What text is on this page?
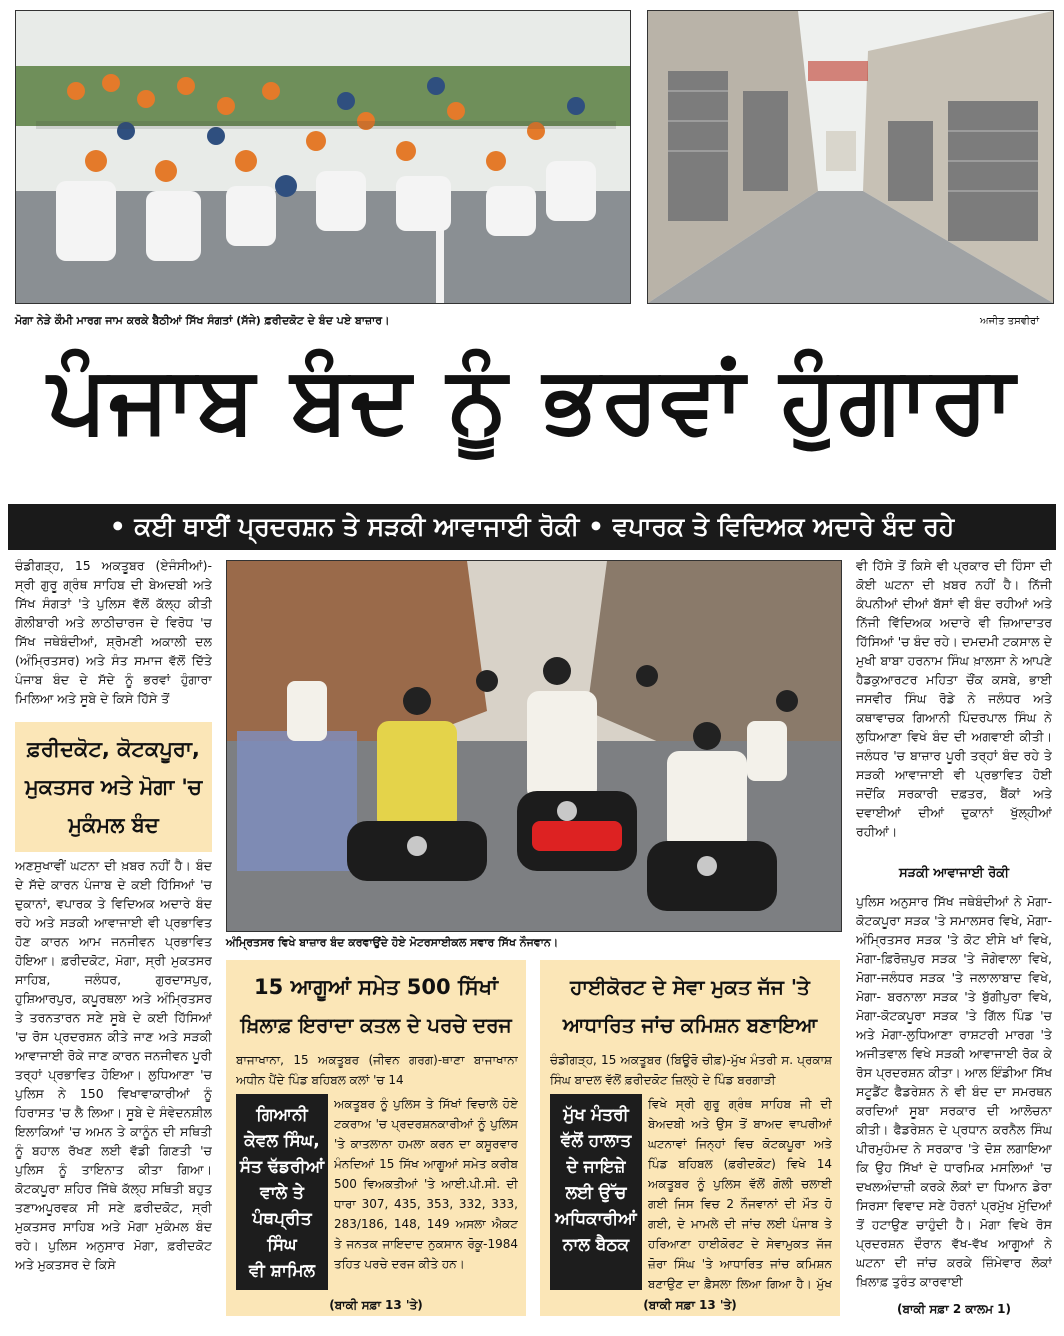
ਮੋਗਾ ਨੇੜੇ ਕੌਮੀ ਮਾਰਗ ਜਾਮ ਕਰਕੇ ਬੈਠੀਆਂ ਸਿੱਖ ਸੰਗਤਾਂ (ਸੱਜੇ) ਫ਼ਰੀਦਕੋਟ ਦੇ ਬੰਦ ਪਏ ਬਾਜ਼ਾਰ।	ਅਜੀਤ ਤਸਵੀਰਾਂ
ਪੰਜਾਬ ਬੰਦ ਨੂੰ ਭਰਵਾਂ ਹੁੰਗਾਰਾ
• ਕਈ ਥਾਈਂ ਪ੍ਰਦਰਸ਼ਨ ਤੇ ਸੜਕੀ ਆਵਾਜਾਈ ਰੋਕੀ • ਵਪਾਰਕ ਤੇ ਵਿਦਿਅਕ ਅਦਾਰੇ ਬੰਦ ਰਹੇ

ਚੰਡੀਗੜ੍ਹ, 15 ਅਕਤੂਬਰ (ਏਜੰਸੀਆਂ)- ਸ੍ਰੀ ਗੁਰੂ ਗ੍ਰੰਥ ਸਾਹਿਬ ਦੀ ਬੇਅਦਬੀ ਅਤੇ ਸਿੱਖ ਸੰਗਤਾਂ 'ਤੇ ਪੁਲਿਸ ਵੱਲੋਂ ਕੱਲ੍ਹ ਕੀਤੀ ਗੋਲੀਬਾਰੀ ਅਤੇ ਲਾਠੀਚਾਰਜ ਦੇ ਵਿਰੋਧ 'ਚ ਸਿੱਖ ਜਥੇਬੰਦੀਆਂ, ਸ਼੍ਰੋਮਣੀ ਅਕਾਲੀ ਦਲ (ਅੰਮ੍ਰਿਤਸਰ) ਅਤੇ ਸੰਤ ਸਮਾਜ ਵੱਲੋਂ ਦਿੱਤੇ ਪੰਜਾਬ ਬੰਦ ਦੇ ਸੱਦੇ ਨੂੰ ਭਰਵਾਂ ਹੁੰਗਾਰਾ ਮਿਲਿਆ ਅਤੇ ਸੂਬੇ ਦੇ ਕਿਸੇ ਹਿੱਸੇ ਤੋਂ

ਫ਼ਰੀਦਕੋਟ, ਕੋਟਕਪੂਰਾ, ਮੁਕਤਸਰ ਅਤੇ ਮੋਗਾ 'ਚ ਮੁਕੰਮਲ ਬੰਦ

ਅਣਸੁਖਾਵੀਂ ਘਟਨਾ ਦੀ ਖ਼ਬਰ ਨਹੀਂ ਹੈ। ਬੰਦ ਦੇ ਸੱਦੇ ਕਾਰਨ ਪੰਜਾਬ ਦੇ ਕਈ ਹਿੱਸਿਆਂ 'ਚ ਦੁਕਾਨਾਂ, ਵਪਾਰਕ ਤੇ ਵਿਦਿਅਕ ਅਦਾਰੇ ਬੰਦ ਰਹੇ ਅਤੇ ਸੜਕੀ ਆਵਾਜਾਈ ਵੀ ਪ੍ਰਭਾਵਿਤ ਹੋਣ ਕਾਰਨ ਆਮ ਜਨਜੀਵਨ ਪ੍ਰਭਾਵਿਤ ਹੋਇਆ। ਫ਼ਰੀਦਕੋਟ, ਮੋਗਾ, ਸ੍ਰੀ ਮੁਕਤਸਰ ਸਾਹਿਬ, ਜਲੰਧਰ, ਗੁਰਦਾਸਪੁਰ, ਹੁਸ਼ਿਆਰਪੁਰ, ਕਪੂਰਥਲਾ ਅਤੇ ਅੰਮ੍ਰਿਤਸਰ ਤੇ ਤਰਨਤਾਰਨ ਸਣੇ ਸੂਬੇ ਦੇ ਕਈ ਹਿੱਸਿਆਂ 'ਚ ਰੋਸ ਪ੍ਰਦਰਸ਼ਨ ਕੀਤੇ ਜਾਣ ਅਤੇ ਸੜਕੀ ਆਵਾਜਾਈ ਰੋਕੇ ਜਾਣ ਕਾਰਨ ਜਨਜੀਵਨ ਪੂਰੀ ਤਰ੍ਹਾਂ ਪ੍ਰਭਾਵਿਤ ਹੋਇਆ। ਲੁਧਿਆਣਾ 'ਚ ਪੁਲਿਸ ਨੇ 150 ਵਿਖਾਵਾਕਾਰੀਆਂ ਨੂੰ ਹਿਰਾਸਤ 'ਚ ਲੈ ਲਿਆ। ਸੂਬੇ ਦੇ ਸੰਵੇਦਨਸ਼ੀਲ ਇਲਾਕਿਆਂ 'ਚ ਅਮਨ ਤੇ ਕਾਨੂੰਨ ਦੀ ਸਥਿਤੀ ਨੂੰ ਬਹਾਲ ਰੱਖਣ ਲਈ ਵੱਡੀ ਗਿਣਤੀ 'ਚ ਪੁਲਿਸ ਨੂੰ ਤਾਇਨਾਤ ਕੀਤਾ ਗਿਆ। ਕੋਟਕਪੂਰਾ ਸ਼ਹਿਰ ਜਿੱਥੇ ਕੱਲ੍ਹ ਸਥਿਤੀ ਬਹੁਤ ਤਣਾਅਪੂਰਵਕ ਸੀ ਸਣੇ ਫ਼ਰੀਦਕੋਟ, ਸ੍ਰੀ ਮੁਕਤਸਰ ਸਾਹਿਬ ਅਤੇ ਮੋਗਾ ਮੁਕੰਮਲ ਬੰਦ ਰਹੇ। ਪੁਲਿਸ ਅਨੁਸਾਰ ਮੋਗਾ, ਫ਼ਰੀਦਕੋਟ ਅਤੇ ਮੁਕਤਸਰ ਦੇ ਕਿਸੇ

ਅੰਮ੍ਰਿਤਸਰ ਵਿਖੇ ਬਾਜ਼ਾਰ ਬੰਦ ਕਰਵਾਉਂਦੇ ਹੋਏ ਮੋਟਰਸਾਈਕਲ ਸਵਾਰ ਸਿੱਖ ਨੌਜਵਾਨ।
15 ਆਗੂਆਂ ਸਮੇਤ 500 ਸਿੱਖਾਂ
ਖ਼ਿਲਾਫ਼ ਇਰਾਦਾ ਕਤਲ ਦੇ ਪਰਚੇ ਦਰਜ

ਬਾਜਾਖਾਨਾ, 15 ਅਕਤੂਬਰ (ਜੀਵਨ ਗਰਗ)-ਥਾਣਾ ਬਾਜਾਖਾਨਾ ਅਧੀਨ ਪੈਂਦੇ ਪਿੰਡ ਬਹਿਬਲ ਕਲਾਂ 'ਚ 14

ਗਿਆਨੀ
ਕੇਵਲ ਸਿੰਘ,
ਸੰਤ ਢੱਡਰੀਆਂ
ਵਾਲੇ ਤੇ
ਪੰਥਪ੍ਰੀਤ ਸਿੰਘ
ਵੀ ਸ਼ਾਮਿਲ

ਅਕਤੂਬਰ ਨੂੰ ਪੁਲਿਸ ਤੇ ਸਿੱਖਾਂ ਵਿਚਾਲੇ ਹੋਏ ਟਕਰਾਅ 'ਚ ਪ੍ਰਦਰਸ਼ਨਕਾਰੀਆਂ ਨੂੰ ਪੁਲਿਸ 'ਤੇ ਕਾਤਲਾਨਾ ਹਮਲਾ ਕਰਨ ਦਾ ਕਸੂਰਵਾਰ ਮੰਨਦਿਆਂ 15 ਸਿੱਖ ਆਗੂਆਂ ਸਮੇਤ ਕਰੀਬ 500 ਵਿਅਕਤੀਆਂ 'ਤੇ ਆਈ.ਪੀ.ਸੀ. ਦੀ ਧਾਰਾ 307, 435, 353, 332, 333, 283/186, 148, 149 ਅਸਲਾ ਐਕਟ ਤੇ ਜਨਤਕ ਜਾਇਦਾਦ ਨੁਕਸਾਨ ਰੋਕੂ-1984 ਤਹਿਤ ਪਰਚੇ ਦਰਜ ਕੀਤੇ ਹਨ।

(ਬਾਕੀ ਸਫ਼ਾ 13 'ਤੇ)
ਹਾਈਕੋਰਟ ਦੇ ਸੇਵਾ ਮੁਕਤ ਜੱਜ 'ਤੇ
ਆਧਾਰਿਤ ਜਾਂਚ ਕਮਿਸ਼ਨ ਬਣਾਇਆ

ਚੰਡੀਗੜ੍ਹ, 15 ਅਕਤੂਬਰ (ਬਿਊਰੋ ਚੀਫ਼)-ਮੁੱਖ ਮੰਤਰੀ ਸ. ਪ੍ਰਕਾਸ਼ ਸਿੰਘ ਬਾਦਲ ਵੱਲੋਂ ਫ਼ਰੀਦਕੋਟ ਜ਼ਿਲ੍ਹੇ ਦੇ ਪਿੰਡ ਬਰਗਾੜੀ

ਮੁੱਖ ਮੰਤਰੀ
ਵੱਲੋਂ ਹਾਲਾਤ
ਦੇ ਜਾਇਜ਼ੇ
ਲਈ ਉੱਚ
ਅਧਿਕਾਰੀਆਂ
ਨਾਲ ਬੈਠਕ

ਵਿਖੇ ਸ੍ਰੀ ਗੁਰੂ ਗ੍ਰੰਥ ਸਾਹਿਬ ਜੀ ਦੀ ਬੇਅਦਬੀ ਅਤੇ ਉਸ ਤੋਂ ਬਾਅਦ ਵਾਪਰੀਆਂ ਘਟਨਾਵਾਂ ਜਿਨ੍ਹਾਂ ਵਿਚ ਕੋਟਕਪੂਰਾ ਅਤੇ ਪਿੰਡ ਬਹਿਬਲ (ਫ਼ਰੀਦਕੋਟ) ਵਿਖੇ 14 ਅਕਤੂਬਰ ਨੂੰ ਪੁਲਿਸ ਵੱਲੋਂ ਗੋਲੀ ਚਲਾਈ ਗਈ ਜਿਸ ਵਿਚ 2 ਨੌਜਵਾਨਾਂ ਦੀ ਮੌਤ ਹੋ ਗਈ, ਦੇ ਮਾਮਲੇ ਦੀ ਜਾਂਚ ਲਈ ਪੰਜਾਬ ਤੇ ਹਰਿਆਣਾ ਹਾਈਕੋਰਟ ਦੇ ਸੇਵਾਮੁਕਤ ਜੱਜ ਜ਼ੋਰਾ ਸਿੰਘ 'ਤੇ ਆਧਾਰਿਤ ਜਾਂਚ ਕਮਿਸ਼ਨ ਬਣਾਉਣ ਦਾ ਫ਼ੈਸਲਾ ਲਿਆ ਗਿਆ ਹੈ। ਮੁੱਖ

(ਬਾਕੀ ਸਫ਼ਾ 13 'ਤੇ)

ਵੀ ਹਿੱਸੇ ਤੋਂ ਕਿਸੇ ਵੀ ਪ੍ਰਕਾਰ ਦੀ ਹਿੰਸਾ ਦੀ ਕੋਈ ਘਟਨਾ ਦੀ ਖ਼ਬਰ ਨਹੀਂ ਹੈ। ਨਿੱਜੀ ਕੰਪਨੀਆਂ ਦੀਆਂ ਬੱਸਾਂ ਵੀ ਬੰਦ ਰਹੀਆਂ ਅਤੇ ਨਿੱਜੀ ਵਿੱਦਿਅਕ ਅਦਾਰੇ ਵੀ ਜ਼ਿਆਦਾਤਰ ਹਿੱਸਿਆਂ 'ਚ ਬੰਦ ਰਹੇ। ਦਮਦਮੀ ਟਕਸਾਲ ਦੇ ਮੁਖੀ ਬਾਬਾ ਹਰਨਾਮ ਸਿੰਘ ਖ਼ਾਲਸਾ ਨੇ ਆਪਣੇ ਹੈਡਕੁਆਰਟਰ ਮਹਿਤਾ ਚੌਂਕ ਕਸਬੇ, ਭਾਈ ਜਸਵੀਰ ਸਿੰਘ ਰੋਡੇ ਨੇ ਜਲੰਧਰ ਅਤੇ ਕਥਾਵਾਚਕ ਗਿਆਨੀ ਪਿੰਦਰਪਾਲ ਸਿੰਘ ਨੇ ਲੁਧਿਆਣਾ ਵਿਖੇ ਬੰਦ ਦੀ ਅਗਵਾਈ ਕੀਤੀ। ਜਲੰਧਰ 'ਚ ਬਾਜ਼ਾਰ ਪੂਰੀ ਤਰ੍ਹਾਂ ਬੰਦ ਰਹੇ ਤੇ ਸੜਕੀ ਆਵਾਜਾਈ ਵੀ ਪ੍ਰਭਾਵਿਤ ਹੋਈ ਜਦੋਂਕਿ ਸਰਕਾਰੀ ਦਫ਼ਤਰ, ਬੈਂਕਾਂ ਅਤੇ ਦਵਾਈਆਂ ਦੀਆਂ ਦੁਕਾਨਾਂ ਖੁੱਲ੍ਹੀਆਂ ਰਹੀਆਂ।

ਸੜਕੀ ਆਵਾਜਾਈ ਰੋਕੀ

ਪੁਲਿਸ ਅਨੁਸਾਰ ਸਿੱਖ ਜਥੇਬੰਦੀਆਂ ਨੇ ਮੋਗਾ-ਕੋਟਕਪੂਰਾ ਸੜਕ 'ਤੇ ਸਮਾਲਸਰ ਵਿਖੇ, ਮੋਗਾ-ਅੰਮ੍ਰਿਤਸਰ ਸੜਕ 'ਤੇ ਕੋਟ ਈਸੇ ਖਾਂ ਵਿਖੇ, ਮੋਗਾ-ਫ਼ਿਰੋਜ਼ਪੁਰ ਸੜਕ 'ਤੇ ਜੋਗੇਵਾਲਾ ਵਿਖੇ, ਮੋਗਾ-ਜਲੰਧਰ ਸੜਕ 'ਤੇ ਜਲਾਲਾਬਾਦ ਵਿਖੇ, ਮੋਗਾ- ਬਰਨਾਲਾ ਸੜਕ 'ਤੇ ਬੁੱਗੀਪੁਰਾ ਵਿਖੇ, ਮੋਗਾ-ਕੋਟਕਪੂਰਾ ਸੜਕ 'ਤੇ ਗਿੱਲ ਪਿੰਡ 'ਚ ਅਤੇ ਮੋਗਾ-ਲੁਧਿਆਣਾ ਰਾਸ਼ਟਰੀ ਮਾਰਗ 'ਤੇ ਅਜੀਤਵਾਲ ਵਿਖੇ ਸੜਕੀ ਆਵਾਜਾਈ ਰੋਕ ਕੇ ਰੋਸ ਪ੍ਰਦਰਸ਼ਨ ਕੀਤਾ। ਆਲ ਇੰਡੀਆ ਸਿੱਖ ਸਟੂਡੈਂਟ ਫੈਡਰੇਸ਼ਨ ਨੇ ਵੀ ਬੰਦ ਦਾ ਸਮਰਥਨ ਕਰਦਿਆਂ ਸੂਬਾ ਸਰਕਾਰ ਦੀ ਆਲੋਚਨਾ ਕੀਤੀ। ਫੈਡਰੇਸ਼ਨ ਦੇ ਪ੍ਰਧਾਨ ਕਰਨੈਲ ਸਿੰਘ ਪੀਰਮੁਹੰਮਦ ਨੇ ਸਰਕਾਰ 'ਤੇ ਦੋਸ਼ ਲਗਾਇਆ ਕਿ ਉਹ ਸਿੱਖਾਂ ਦੇ ਧਾਰਮਿਕ ਮਸਲਿਆਂ 'ਚ ਦਖਲਅੰਦਾਜ਼ੀ ਕਰਕੇ ਲੋਕਾਂ ਦਾ ਧਿਆਨ ਡੇਰਾ ਸਿਰਸਾ ਵਿਵਾਦ ਸਣੇ ਹੋਰਨਾਂ ਪ੍ਰਮੁੱਖ ਮੁੱਦਿਆਂ ਤੋਂ ਹਟਾਉਣ ਚਾਹੁੰਦੀ ਹੈ। ਮੋਗਾ ਵਿਖੇ ਰੋਸ ਪ੍ਰਦਰਸ਼ਨ ਦੌਰਾਨ ਵੱਖ-ਵੱਖ ਆਗੂਆਂ ਨੇ ਘਟਨਾ ਦੀ ਜਾਂਚ ਕਰਕੇ ਜ਼ਿੰਮੇਵਾਰ ਲੋਕਾਂ ਖ਼ਿਲਾਫ਼ ਤੁਰੰਤ ਕਾਰਵਾਈ

(ਬਾਕੀ ਸਫ਼ਾ 2 ਕਾਲਮ 1)
